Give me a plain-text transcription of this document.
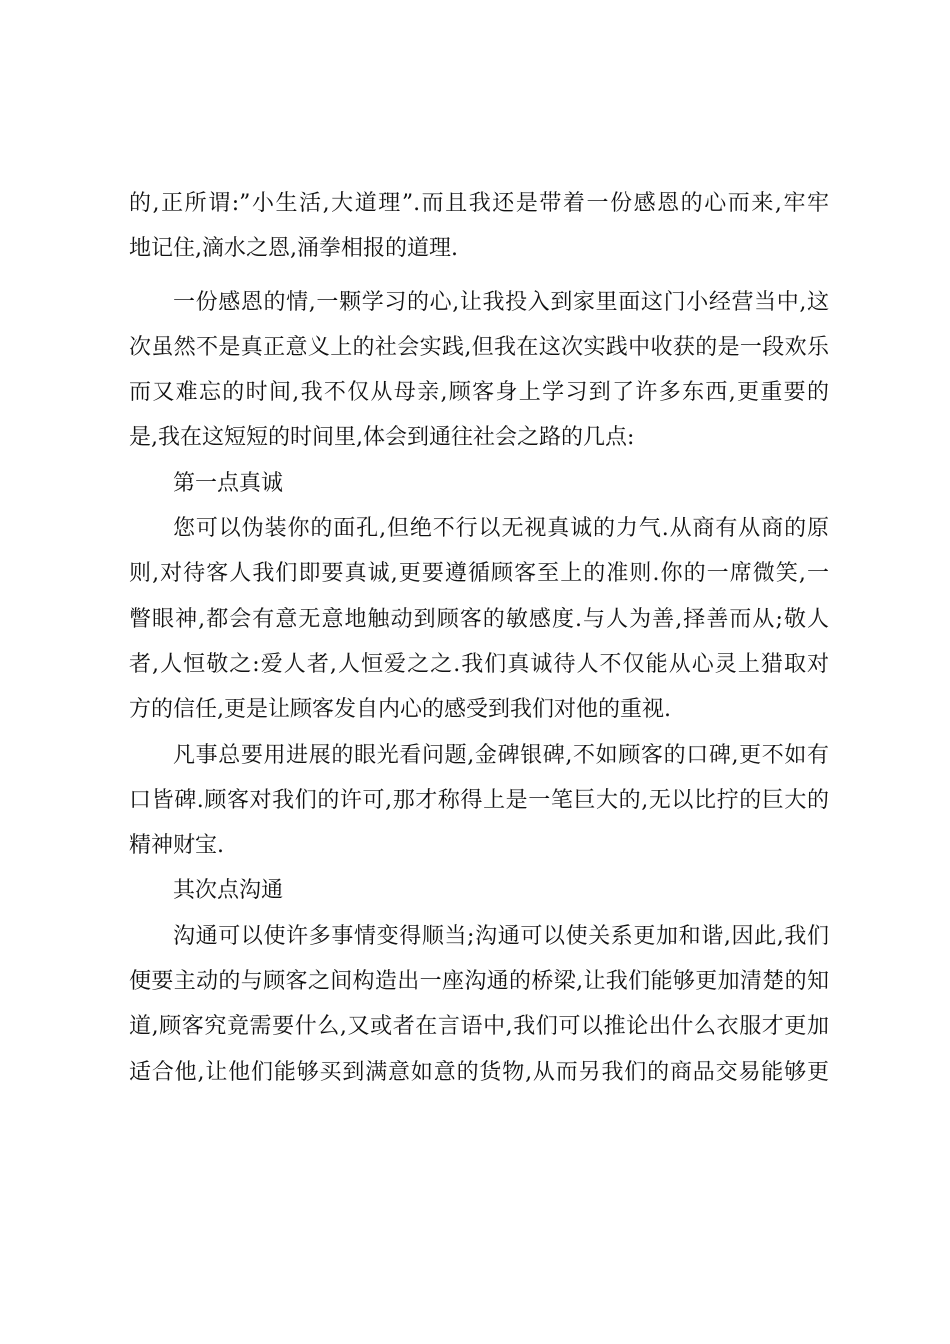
的,正所谓:”小生活,大道理”.而且我还是带着一份感恩的心而来,牢牢
地记住,滴水之恩,涌拳相报的道理.
一份感恩的情,一颗学习的心,让我投入到家里面这门小经营当中,这
次虽然不是真正意义上的社会实践,但我在这次实践中收获的是一段欢乐
而又难忘的时间,我不仅从母亲,顾客身上学习到了许多东西,更重要的
是,我在这短短的时间里,体会到通往社会之路的几点:
第一点真诚
您可以伪装你的面孔,但绝不行以无视真诚的力气.从商有从商的原
则,对待客人我们即要真诚,更要遵循顾客至上的准则.你的一席微笑,一
瞥眼神,都会有意无意地触动到顾客的敏感度.与人为善,择善而从;敬人
者,人恒敬之:爱人者,人恒爱之之.我们真诚待人不仅能从心灵上猎取对
方的信任,更是让顾客发自内心的感受到我们对他的重视.
凡事总要用进展的眼光看问题,金碑银碑,不如顾客的口碑,更不如有
口皆碑.顾客对我们的许可,那才称得上是一笔巨大的,无以比拧的巨大的
精神财宝.
其次点沟通
沟通可以使许多事情变得顺当;沟通可以使关系更加和谐,因此,我们
便要主动的与顾客之间构造出一座沟通的桥梁,让我们能够更加清楚的知
道,顾客究竟需要什么,又或者在言语中,我们可以推论出什么衣服才更加
适合他,让他们能够买到满意如意的货物,从而另我们的商品交易能够更
